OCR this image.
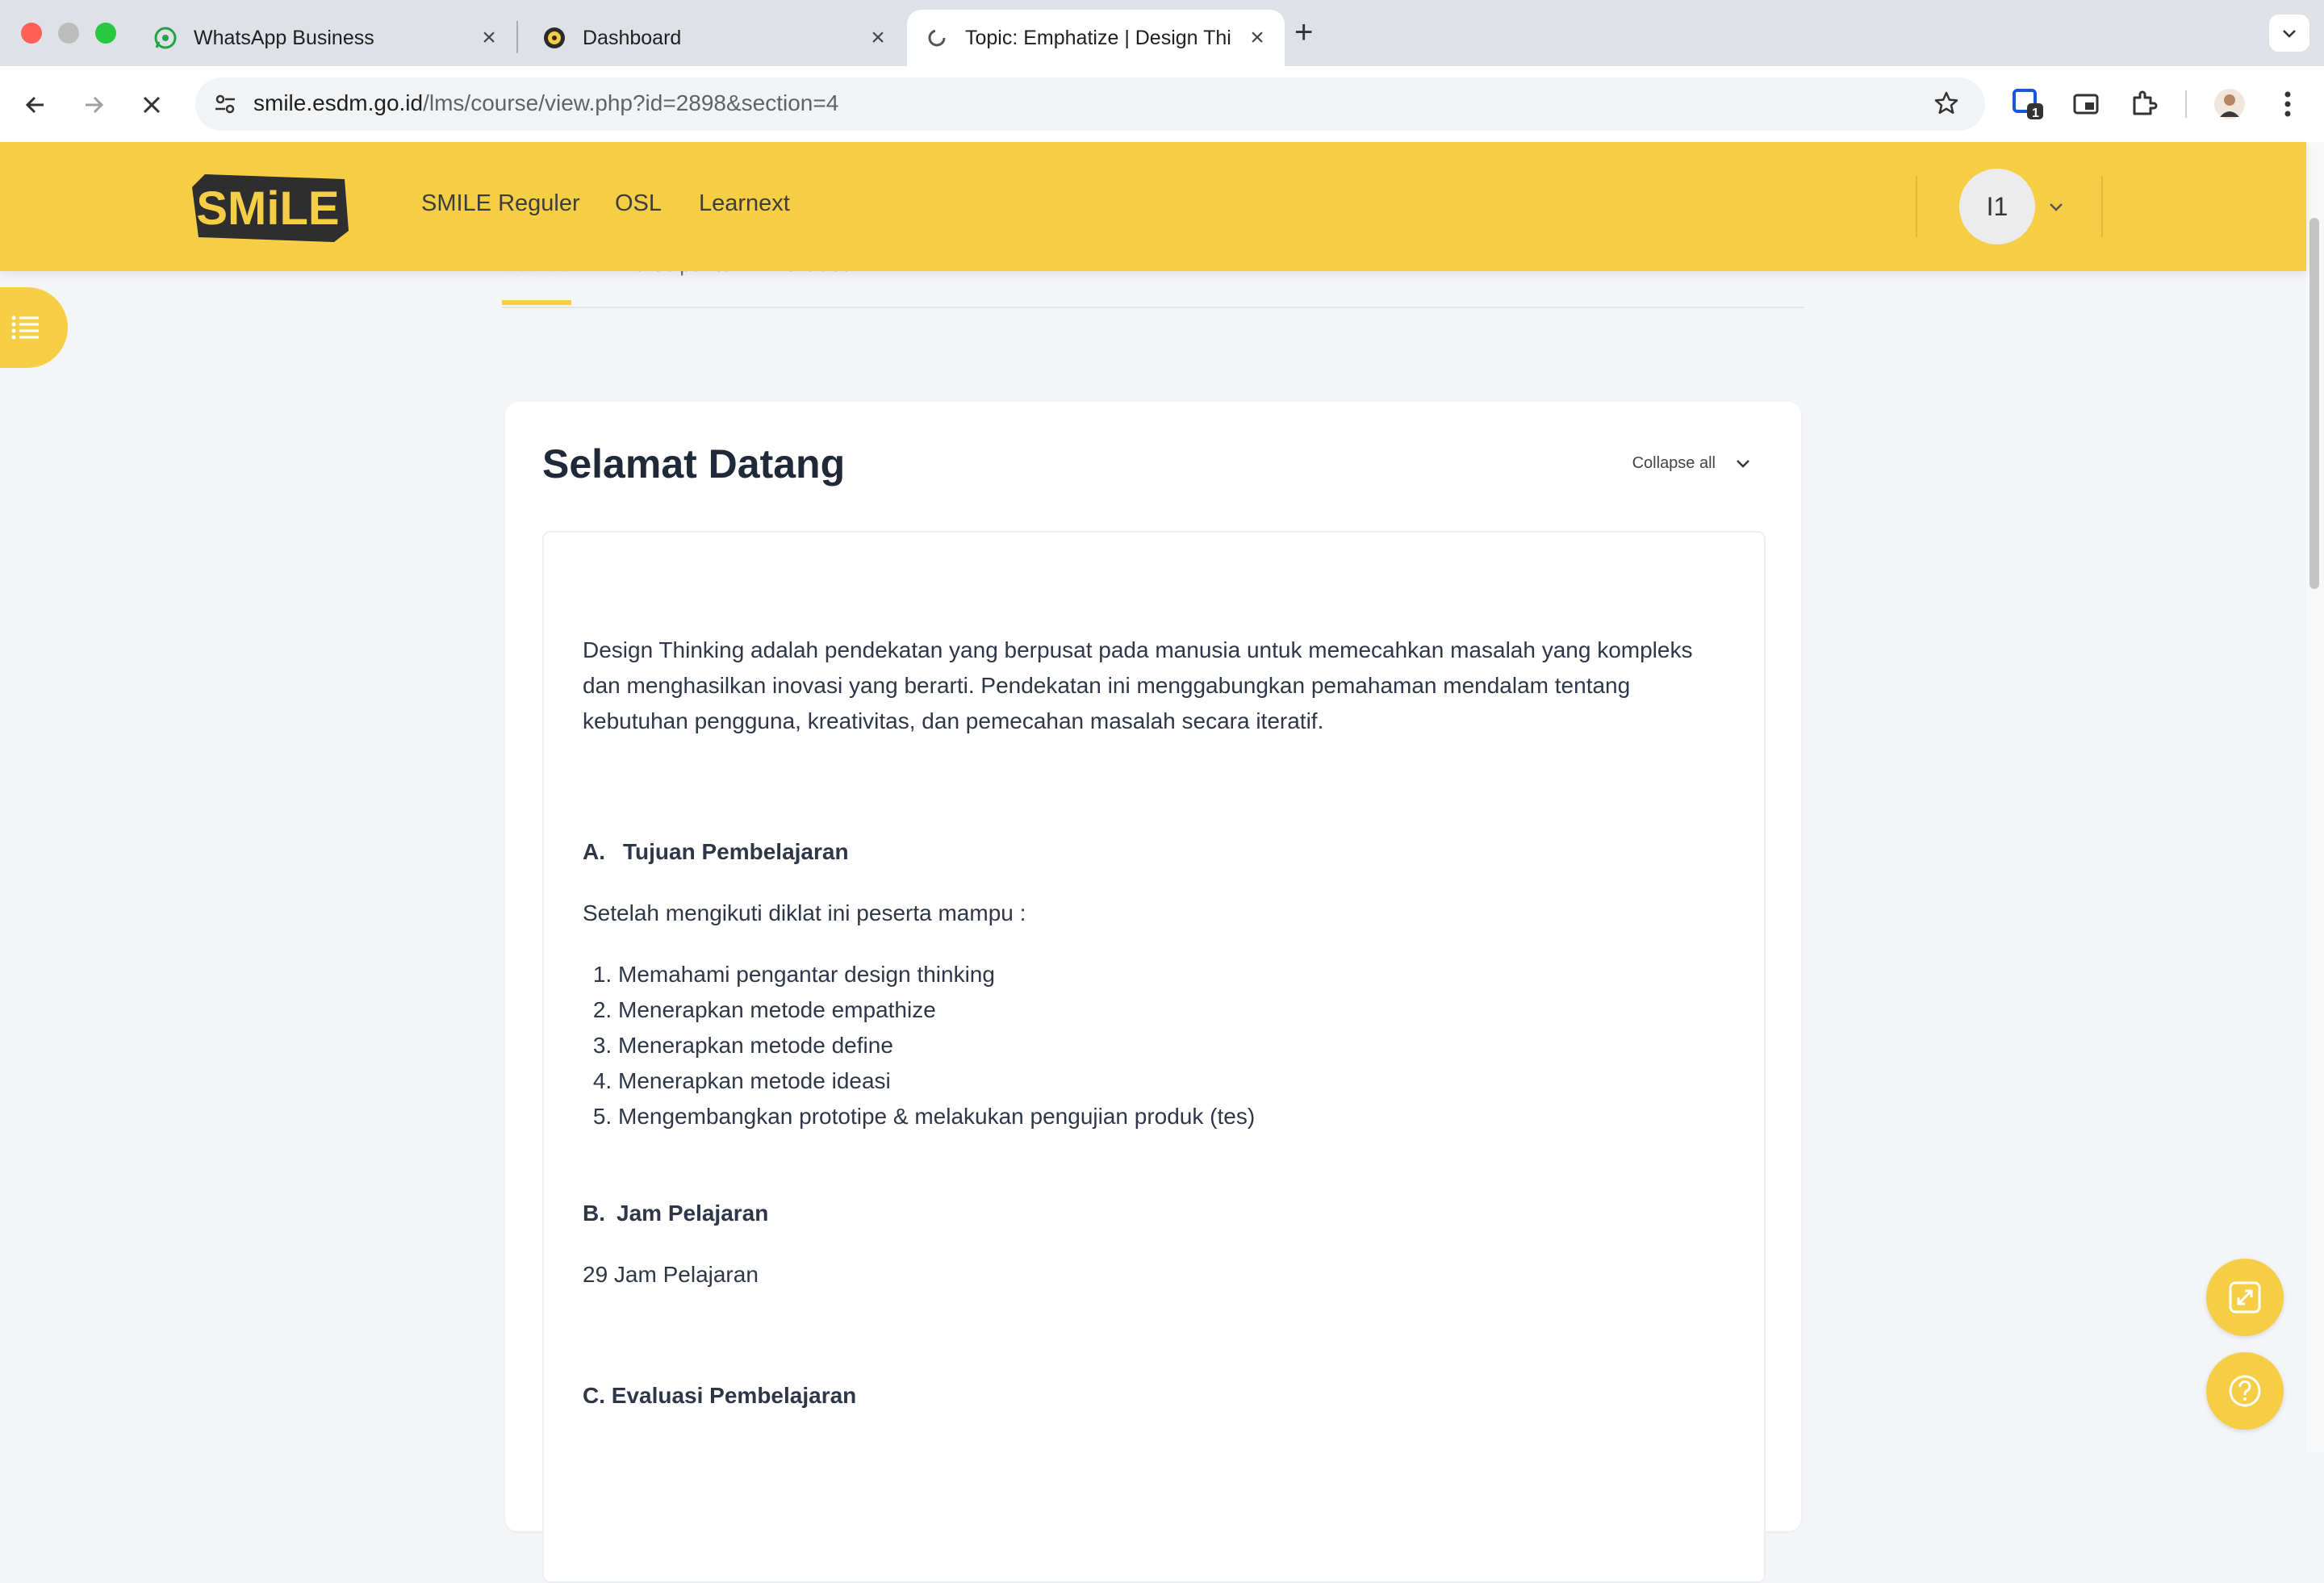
WhatsApp Business	×	Dashboard	×	Topic: Emphatize | Design Thi × +
smile.esdm.go.id/lms/course/view.php?id=2898&section=4	1
SMiLE	SMILE Reguler OSL Learnext	I1
Selamat Datang	Collapse all

Design Thinking adalah pendekatan yang berpusat pada manusia untuk memecahkan masalah yang kompleks dan menghasilkan inovasi yang berarti. Pendekatan ini menggabungkan pemahaman mendalam tentang kebutuhan pengguna, kreativitas, dan pemecahan masalah secara iteratif.

A. Tujuan Pembelajaran

Setelah mengikuti diklat ini peserta mampu :

1. Memahami pengantar design thinking
2. Menerapkan metode empathize
3. Menerapkan metode define
4. Menerapkan metode ideasi
5. Mengembangkan prototipe & melakukan pengujian produk (tes)

B. Jam Pelajaran

29 Jam Pelajaran

C. Evaluasi Pembelajaran
